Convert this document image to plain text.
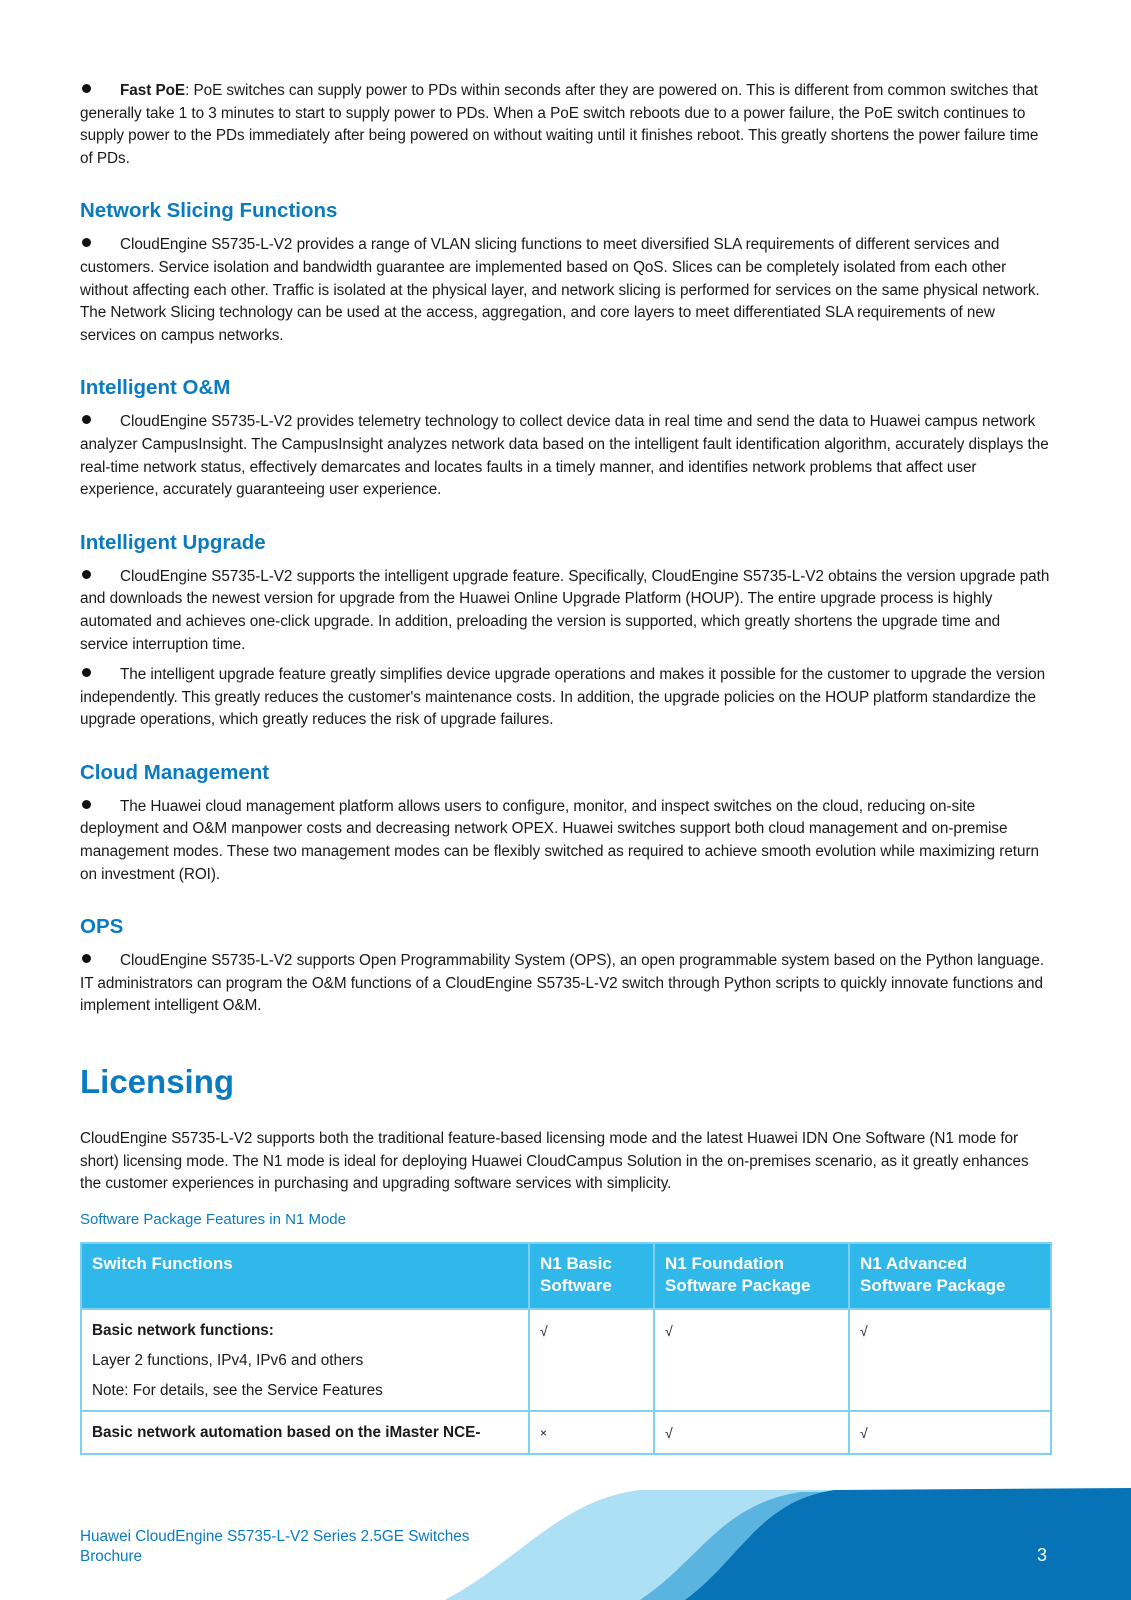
Fast PoE: PoE switches can supply power to PDs within seconds after they are powered on. This is different from common switches that generally take 1 to 3 minutes to start to supply power to PDs. When a PoE switch reboots due to a power failure, the PoE switch continues to supply power to the PDs immediately after being powered on without waiting until it finishes reboot. This greatly shortens the power failure time of PDs.

Network Slicing Functions

CloudEngine S5735-L-V2 provides a range of VLAN slicing functions to meet diversified SLA requirements of different services and customers. Service isolation and bandwidth guarantee are implemented based on QoS. Slices can be completely isolated from each other without affecting each other. Traffic is isolated at the physical layer, and network slicing is performed for services on the same physical network. The Network Slicing technology can be used at the access, aggregation, and core layers to meet differentiated SLA requirements of new services on campus networks.

Intelligent O&M

CloudEngine S5735-L-V2 provides telemetry technology to collect device data in real time and send the data to Huawei campus network analyzer CampusInsight. The CampusInsight analyzes network data based on the intelligent fault identification algorithm, accurately displays the real-time network status, effectively demarcates and locates faults in a timely manner, and identifies network problems that affect user experience, accurately guaranteeing user experience.

Intelligent Upgrade

CloudEngine S5735-L-V2 supports the intelligent upgrade feature. Specifically, CloudEngine S5735-L-V2 obtains the version upgrade path and downloads the newest version for upgrade from the Huawei Online Upgrade Platform (HOUP). The entire upgrade process is highly automated and achieves one-click upgrade. In addition, preloading the version is supported, which greatly shortens the upgrade time and service interruption time.

The intelligent upgrade feature greatly simplifies device upgrade operations and makes it possible for the customer to upgrade the version independently. This greatly reduces the customer's maintenance costs. In addition, the upgrade policies on the HOUP platform standardize the upgrade operations, which greatly reduces the risk of upgrade failures.

Cloud Management

The Huawei cloud management platform allows users to configure, monitor, and inspect switches on the cloud, reducing on-site deployment and O&M manpower costs and decreasing network OPEX. Huawei switches support both cloud management and on-premise management modes. These two management modes can be flexibly switched as required to achieve smooth evolution while maximizing return on investment (ROI).

OPS

CloudEngine S5735-L-V2 supports Open Programmability System (OPS), an open programmable system based on the Python language. IT administrators can program the O&M functions of a CloudEngine S5735-L-V2 switch through Python scripts to quickly innovate functions and implement intelligent O&M.

Licensing

CloudEngine S5735-L-V2 supports both the traditional feature-based licensing mode and the latest Huawei IDN One Software (N1 mode for short) licensing mode. The N1 mode is ideal for deploying Huawei CloudCampus Solution in the on-premises scenario, as it greatly enhances the customer experiences in purchasing and upgrading software services with simplicity.

Software Package Features in N1 Mode

Switch Functions	N1 Basic Software	N1 Foundation Software Package	N1 Advanced Software Package

Basic network functions:
Layer 2 functions, IPv4, IPv6 and others
Note: For details, see the Service Features	√	√	√

Basic network automation based on the iMaster NCE-	×	√	√
Huawei CloudEngine S5735-L-V2 Series 2.5GE Switches
Brochure	3
